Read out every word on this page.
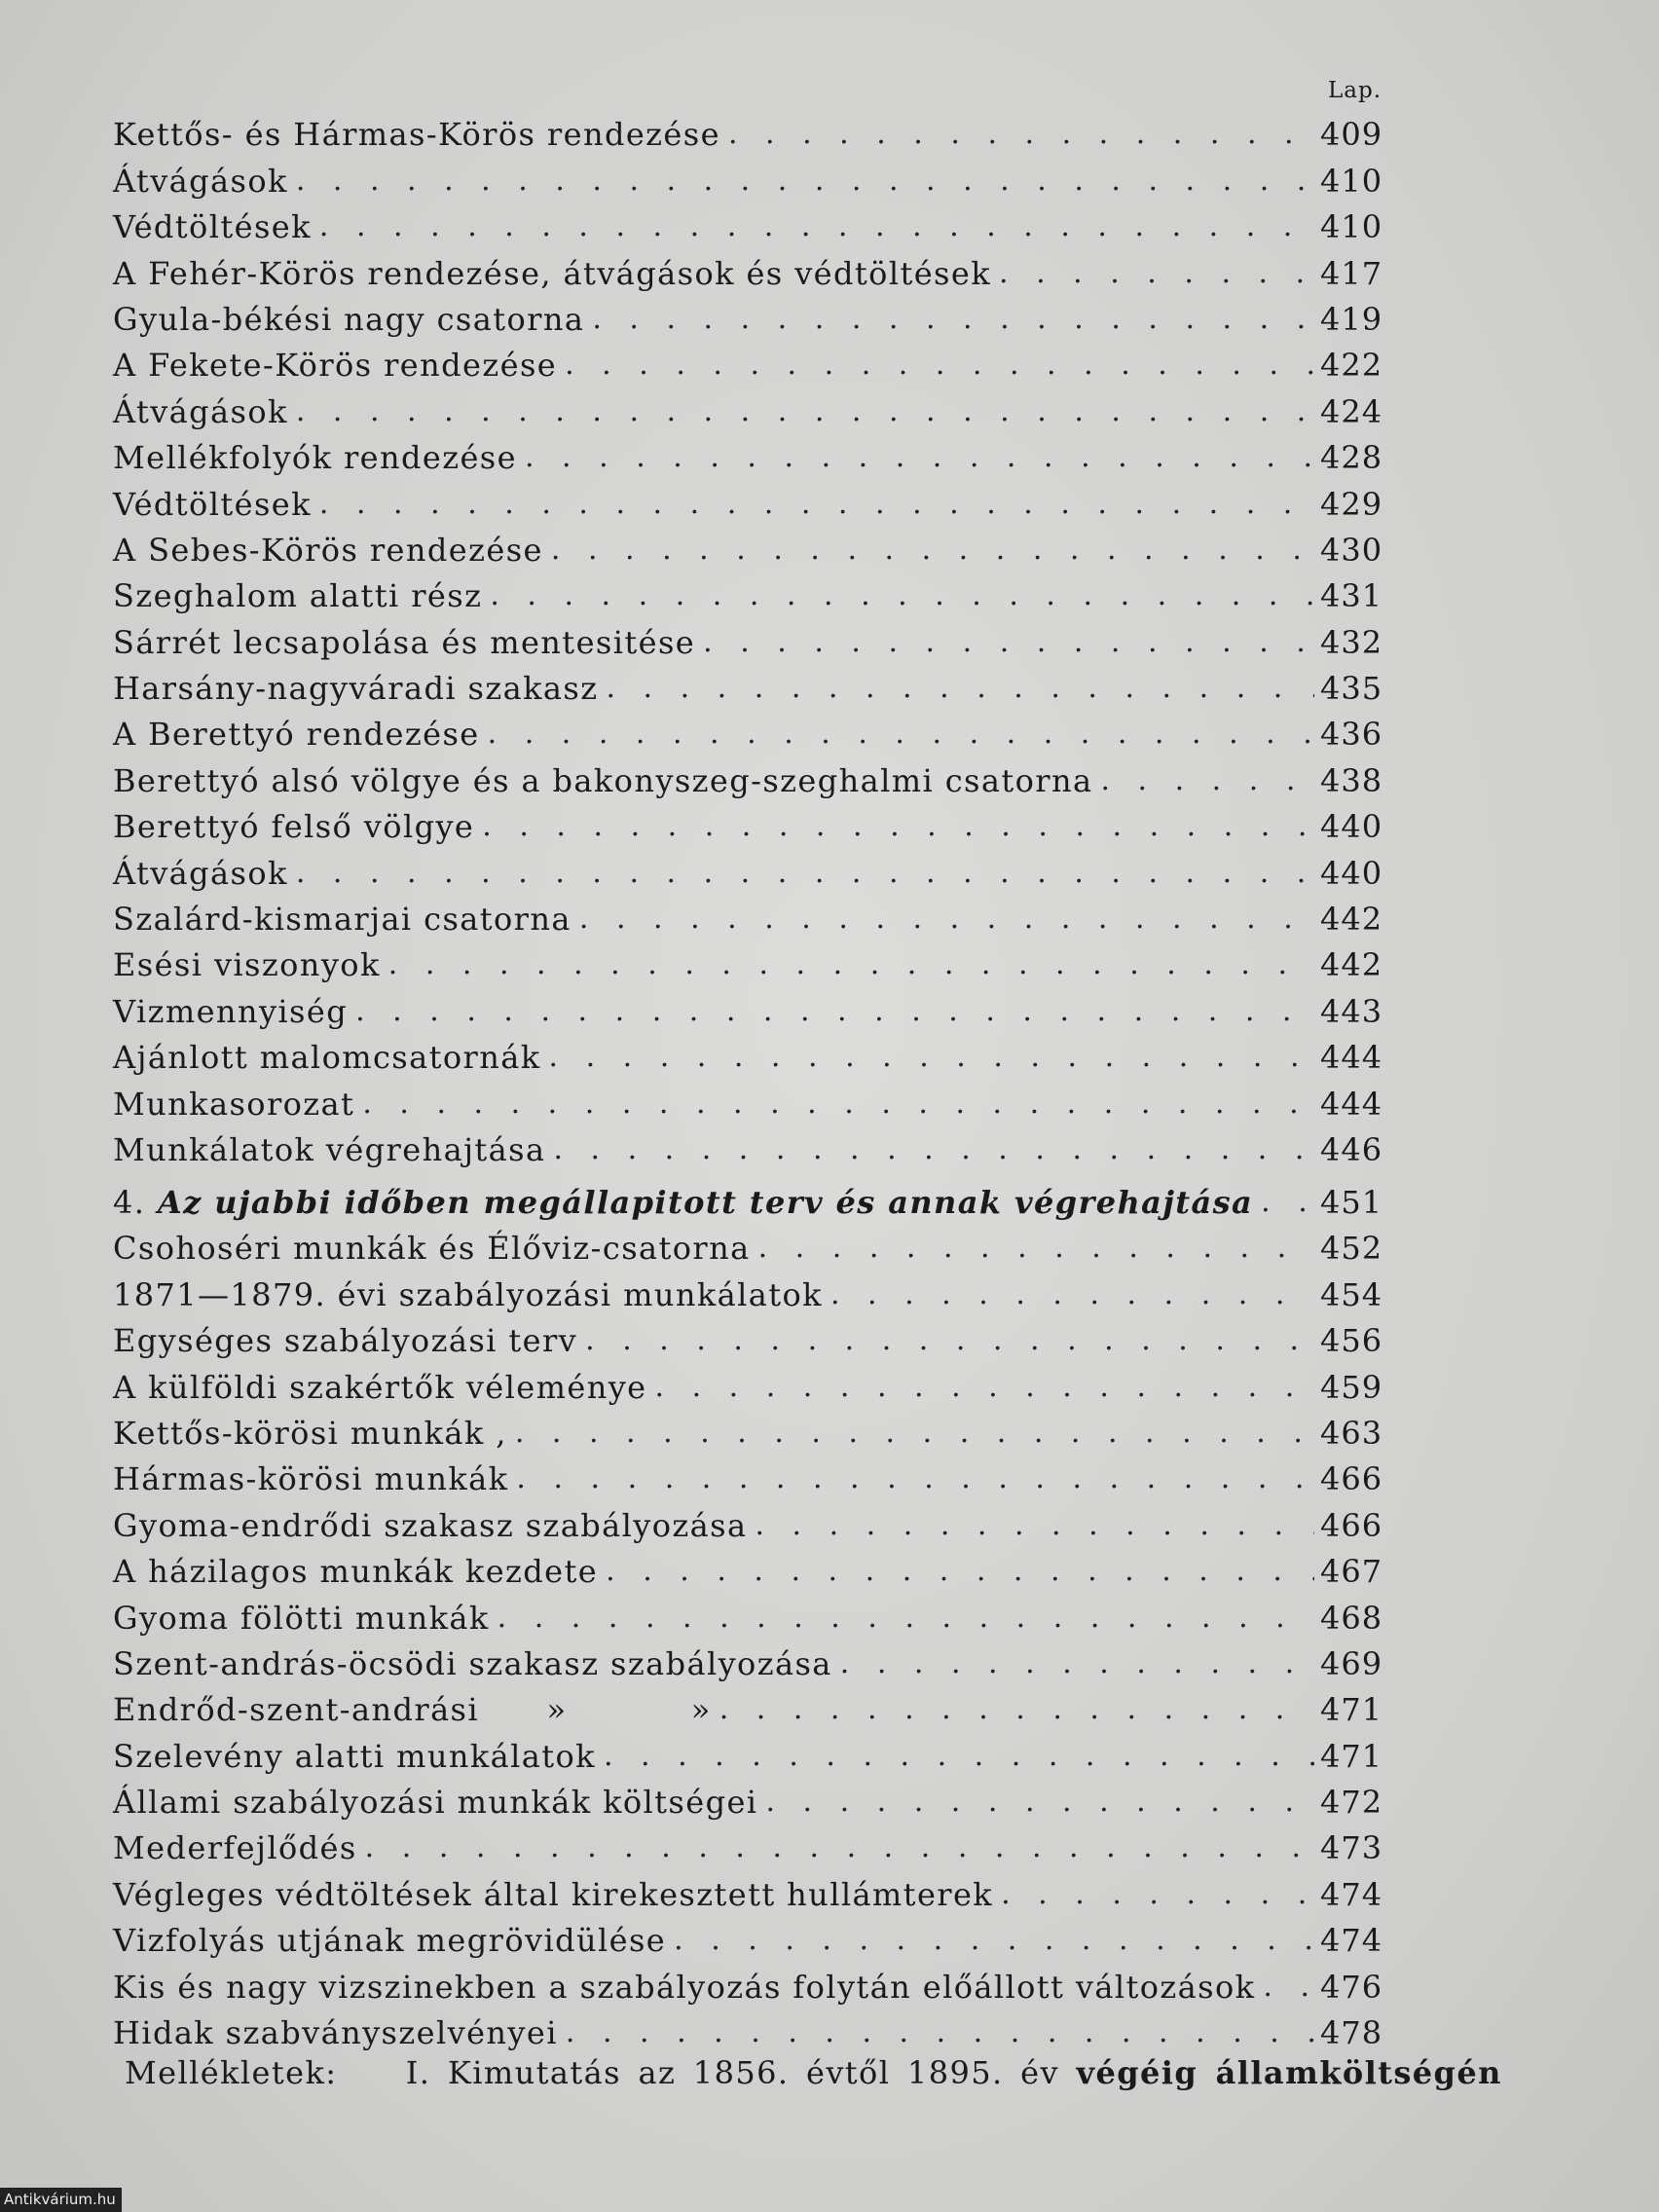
Lap.
Kettős- és Hármas-Körös rendezése . . .	409
Átvágások . . .	410
Védtöltések . . .	410
A Fehér-Körös rendezése, átvágások és védtöltések . . .	417
Gyula-békési nagy csatorna . . .	419
A Fekete-Körös rendezése . . .	422
Átvágások . . .	424
Mellékfolyók rendezése . . .	428
Védtöltések . . .	429
A Sebes-Körös rendezése . . .	430
Szeghalom alatti rész . . .	431
Sárrét lecsapolása és mentesitése . . .	432
Harsány-nagyváradi szakasz . . .	435
A Berettyó rendezése . . .	436
Berettyó alsó völgye és a bakonyszeg-szeghalmi csatorna . . .	438
Berettyó felső völgye . . .	440
Átvágások . . .	440
Szalárd-kismarjai csatorna . . .	442
Esési viszonyok . . .	442
Vizmennyiség . . .	443
Ajánlott malomcsatornák . . .	444
Munkasorozat . . .	444
Munkálatok végrehajtása . . .	446
4. Az ujabbi időben megállapitott terv és annak végrehajtása . . . 451
Csohoséri munkák és Élőviz-csatorna . . .	452
1871—1879. évi szabályozási munkálatok . . .	454
Egységes szabályozási terv . . .	456
A külföldi szakértők véleménye . . .	459
Kettős-körösi munkák , . . .	463
Hármas-körösi munkák . . .	466
Gyoma-endrődi szakasz szabályozása . . .	466
A házilagos munkák kezdete . . .	467
Gyoma fölötti munkák . . .	468
Szent-andrás-öcsödi szakasz szabályozása . . .	469
Endrőd-szent-andrási      »           » . . .	471
Szelevény alatti munkálatok . . .	471
Állami szabályozási munkák költségei . . .	472
Mederfejlődés . . .	473
Végleges védtöltések által kirekesztett hullámterek . . .	474
Vizfolyás utjának megrövidülése . . .	474
Kis és nagy vizszinekben a szabályozás folytán előállott változások . . . 476
Hidak szabványszelvényei . . .	478
Mellékletek: I. Kimutatás az 1856. évtől 1895. év végéig államköltségén
Antikvárium.hu
